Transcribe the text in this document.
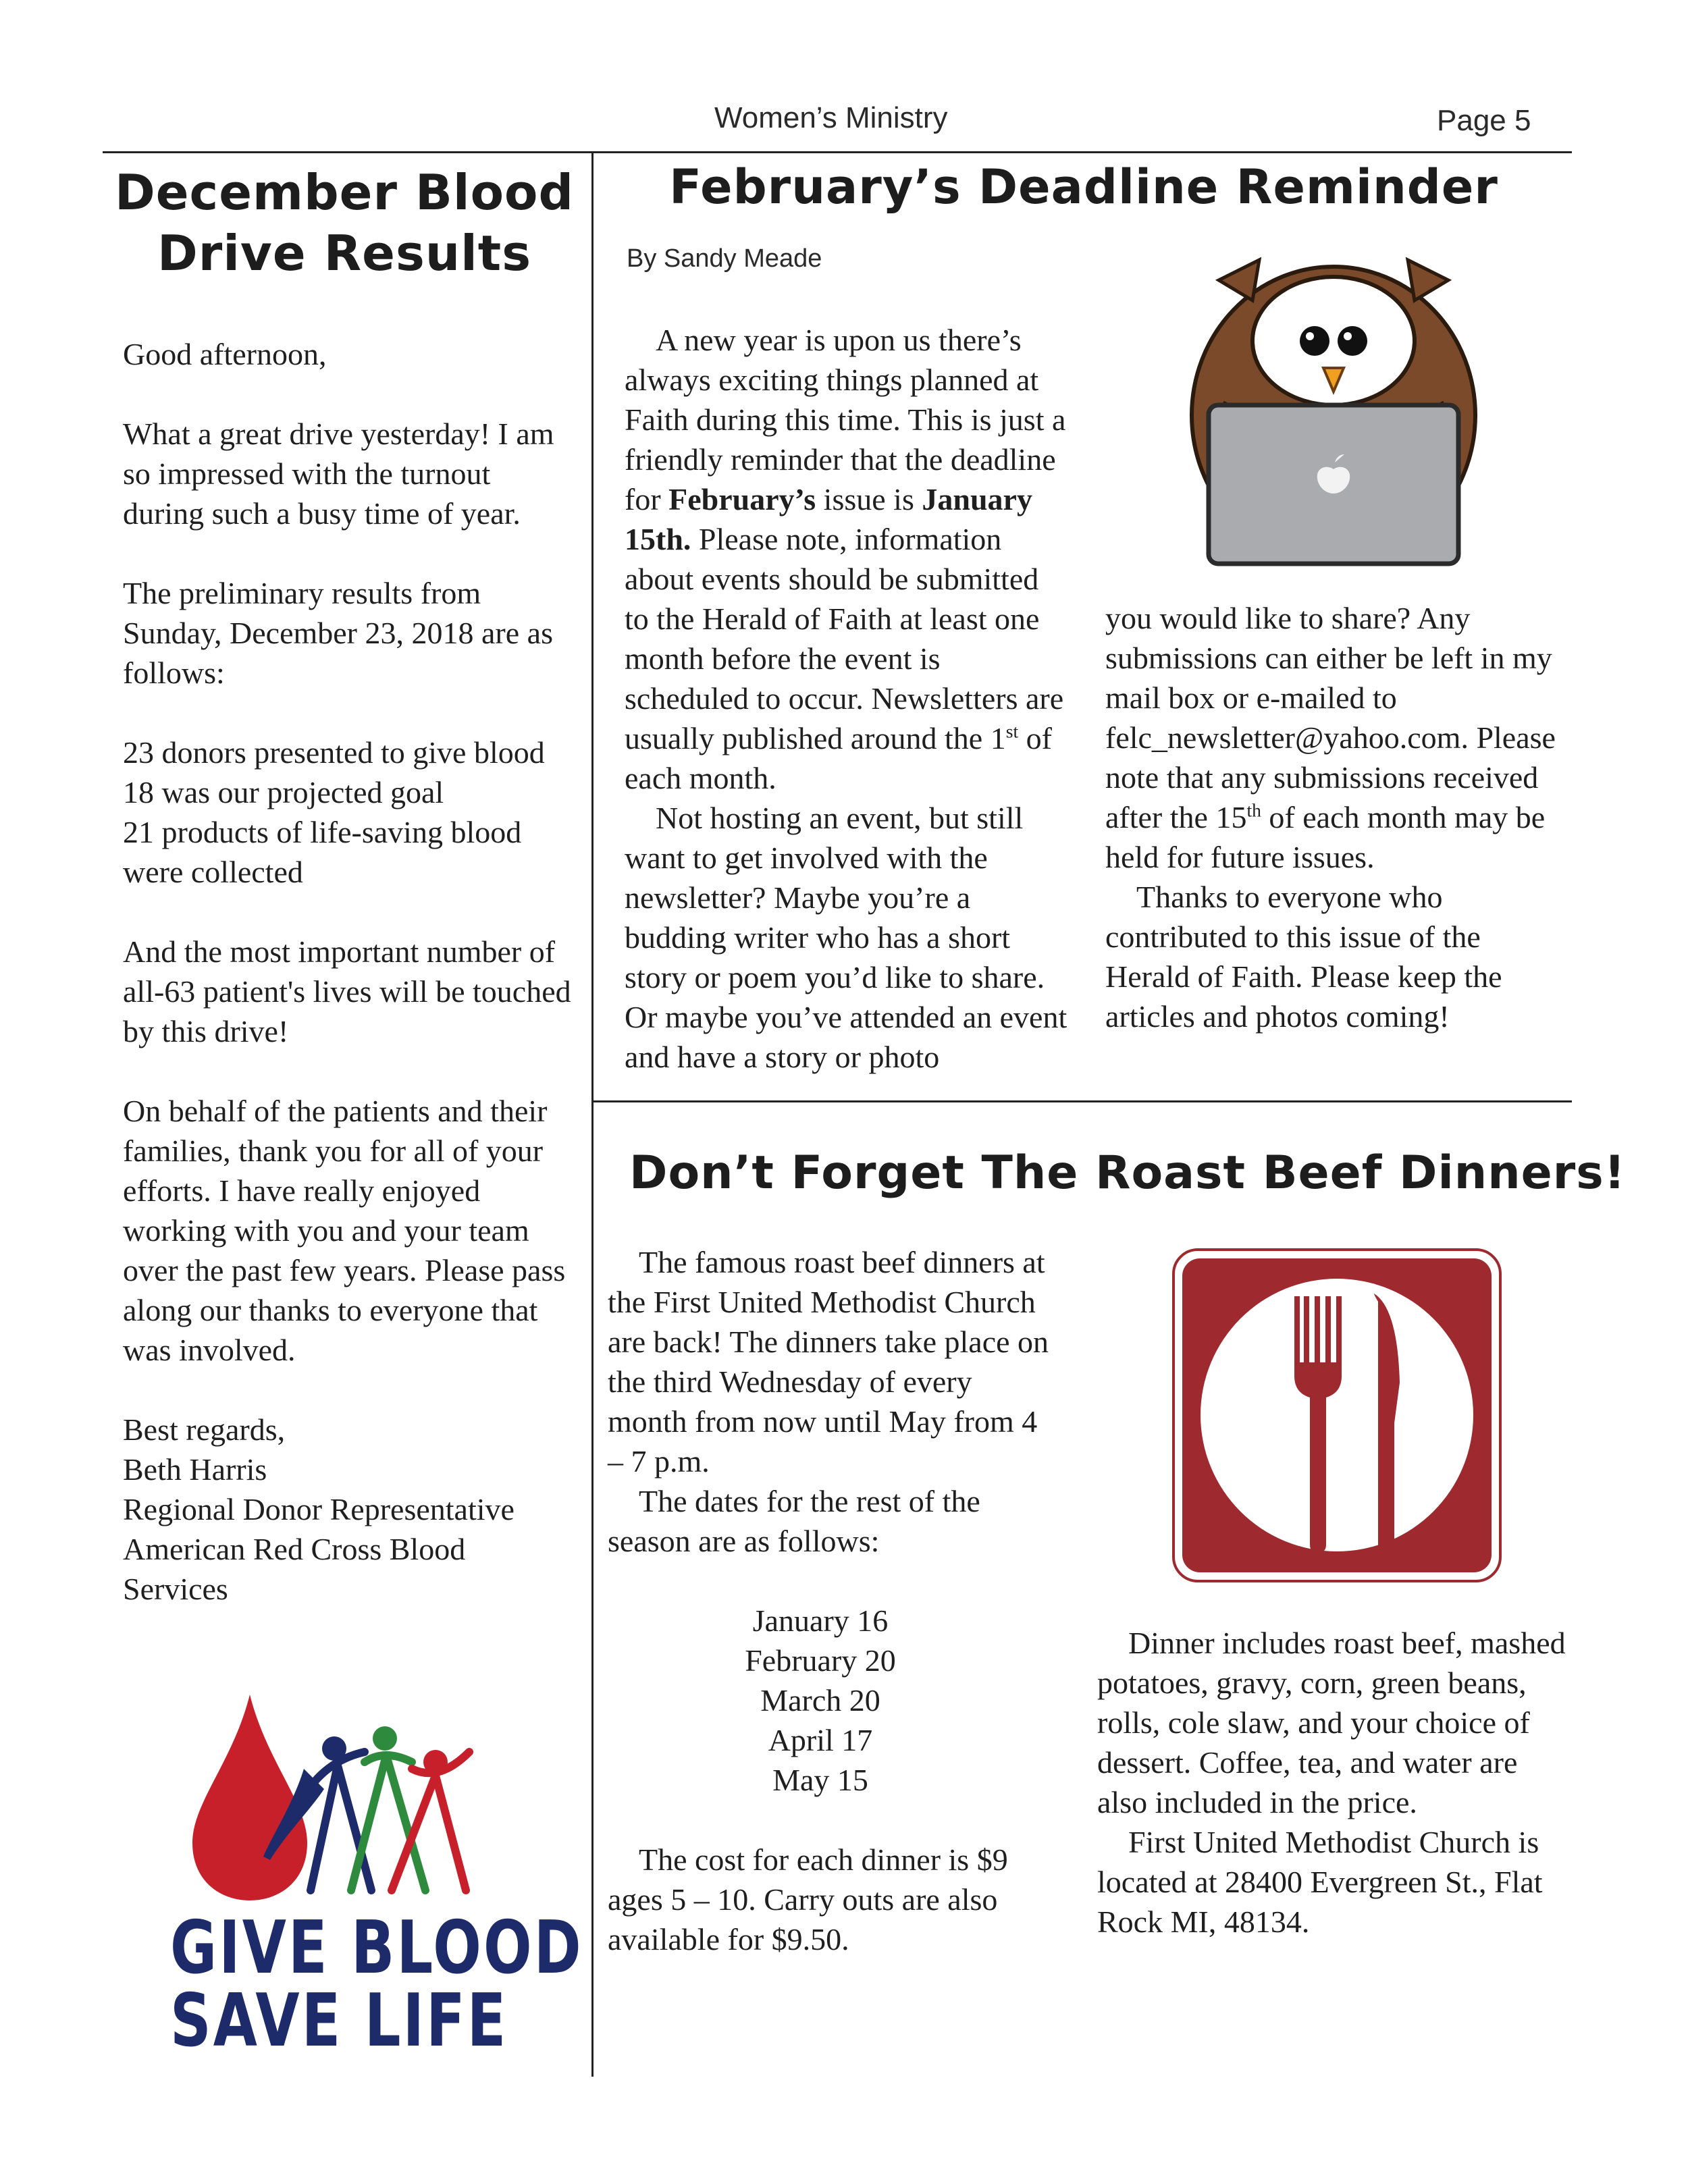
Women’s Ministry	Page 5
December Blood
Drive Results

Good afternoon,

What a great drive yesterday! I am so impressed with the turnout during such a busy time of year.

The preliminary results from Sunday, December 23, 2018 are as follows:

23 donors presented to give blood

18 was our projected goal

21 products of life-saving blood were collected

And the most important number of all-63 patient's lives will be touched by this drive!

On behalf of the patients and their families, thank you for all of your efforts. I have really enjoyed working with you and your team over the past few years. Please pass along our thanks to everyone that was involved.

Best regards,

Beth Harris

Regional Donor Representative

American Red Cross Blood Services

GIVE BLOOD
SAVE LIFE
February’s Deadline Reminder
By Sandy Meade

A new year is upon us there’s always exciting things planned at Faith during this time. This is just a friendly reminder that the deadline for February’s issue is January 15th. Please note, information about events should be submitted to the Herald of Faith at least one month before the event is scheduled to occur. Newsletters are usually published around the 1st of each month.

Not hosting an event, but still want to get involved with the newsletter? Maybe you’re a budding writer who has a short story or poem you’d like to share. Or maybe you’ve attended an event and have a story or photo

you would like to share? Any submissions can either be left in my mail box or e-mailed to felc_newsletter@yahoo.com. Please note that any submissions received after the 15th of each month may be held for future issues.

Thanks to everyone who contributed to this issue of the Herald of Faith. Please keep the articles and photos coming!

Don’t Forget The Roast Beef Dinners!

The famous roast beef dinners at the First United Methodist Church are back! The dinners take place on the third Wednesday of every month from now until May from 4 – 7 p.m.

The dates for the rest of the season are as follows:

January 16

February 20

March 20

April 17

May 15

The cost for each dinner is $9 ages 5 – 10. Carry outs are also available for $9.50.

Dinner includes roast beef, mashed potatoes, gravy, corn, green beans, rolls, cole slaw, and your choice of dessert. Coffee, tea, and water are also included in the price.

First United Methodist Church is located at 28400 Evergreen St., Flat Rock MI, 48134.
